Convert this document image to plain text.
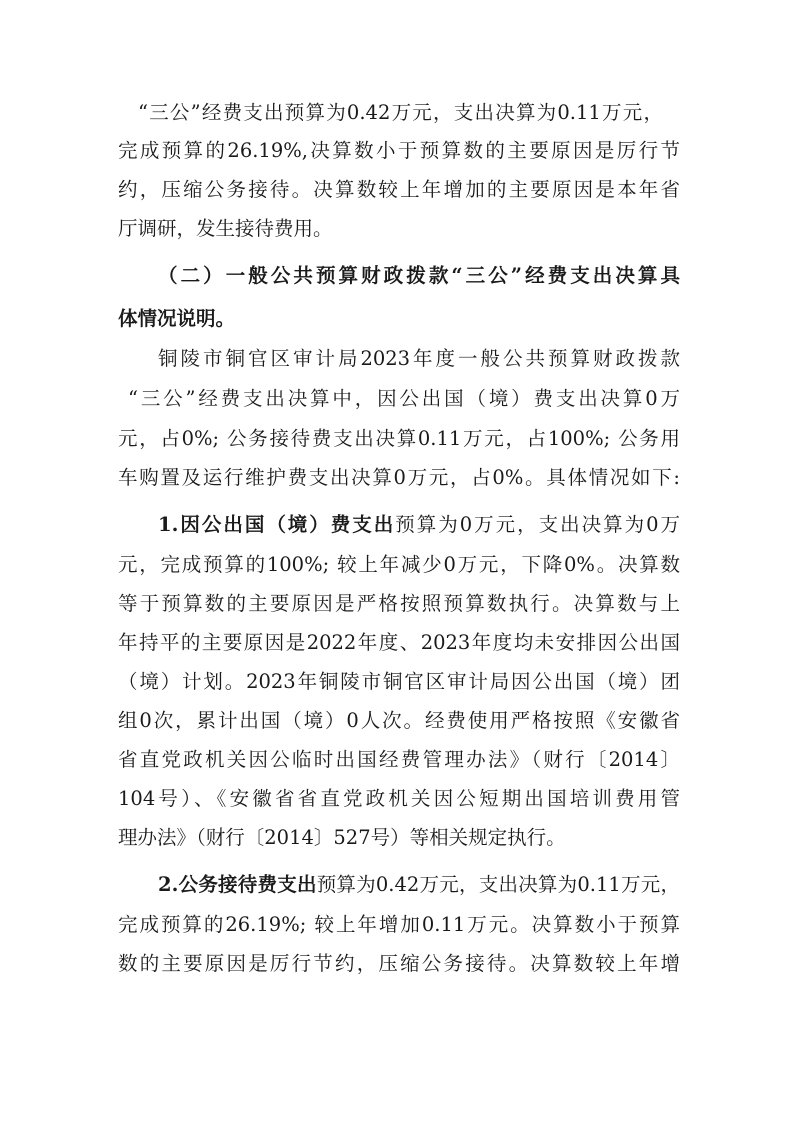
“三公”经费支出预算为0.42万元，支出决算为0.11万元，
完成预算的26.19%,决算数小于预算数的主要原因是厉行节
约，压缩公务接待。决算数较上年增加的主要原因是本年省
厅调研，发生接待费用。
（二）一般公共预算财政拨款“三公”经费支出决算具
体情况说明。
铜陵市铜官区审计局2023年度一般公共预算财政拨款
“三公”经费支出决算中，因公出国（境）费支出决算0万
元，占0%; 公务接待费支出决算0.11万元，占100%; 公务用
车购置及运行维护费支出决算0万元，占0%。具体情况如下:
1.因公出国（境）费支出预算为0万元，支出决算为0万
元，完成预算的100%; 较上年减少0万元，下降0%。决算数
等于预算数的主要原因是严格按照预算数执行。决算数与上
年持平的主要原因是2022年度、2023年度均未安排因公出国
（境）计划。2023年铜陵市铜官区审计局因公出国（境）团
组0次，累计出国（境）0人次。经费使用严格按照《安徽省
省直党政机关因公临时出国经费管理办法》（财行〔2014〕
104号）、《安徽省省直党政机关因公短期出国培训费用管
理办法》（财行〔2014〕527号）等相关规定执行。
2.公务接待费支出预算为0.42万元，支出决算为0.11万元，
完成预算的26.19%; 较上年增加0.11万元。决算数小于预算
数的主要原因是厉行节约，压缩公务接待。决算数较上年增
